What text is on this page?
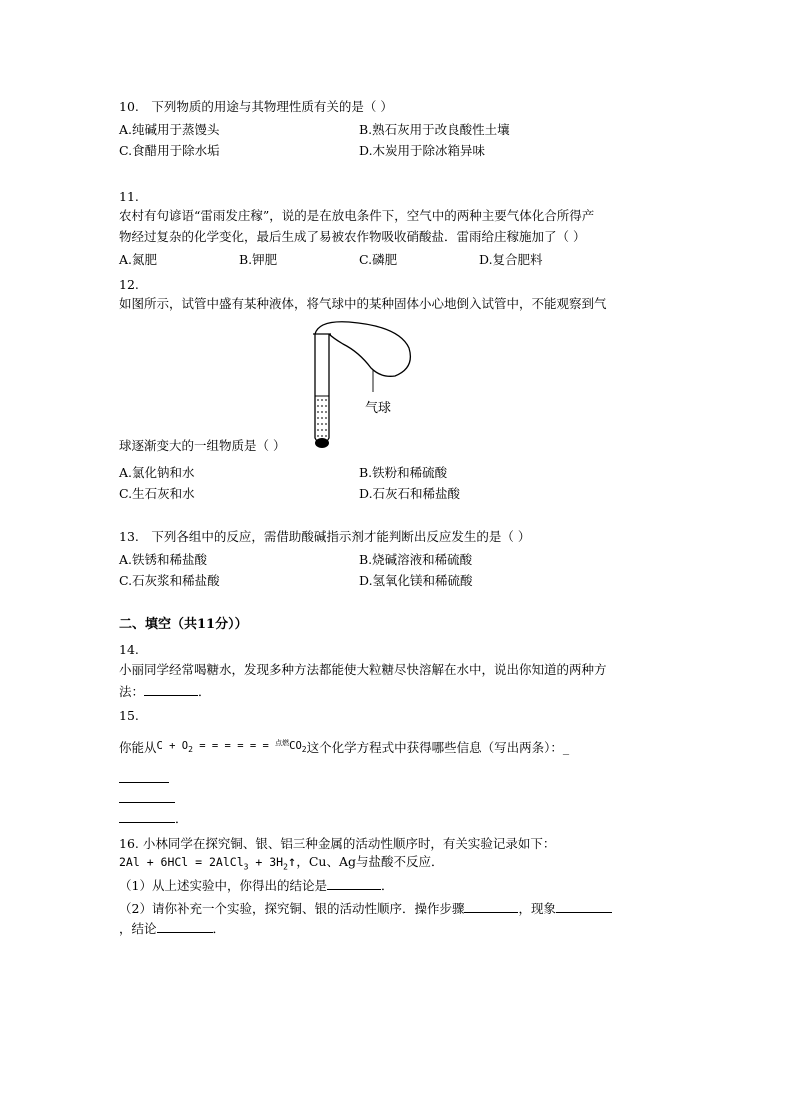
10.　下列物质的用途与其物理性质有关的是（ ）
A.纯碱用于蒸馒头	B.熟石灰用于改良酸性土壤
C.食醋用于除水垢	D.木炭用于除冰箱异味
11.
农村有句谚语“雷雨发庄稼”，说的是在放电条件下，空气中的两种主要气体化合所得产
物经过复杂的化学变化，最后生成了易被农作物吸收硝酸盐．雷雨给庄稼施加了（ ）
A.氮肥	B.钾肥	C.磷肥	D.复合肥料
12.
如图所示，试管中盛有某种液体，将气球中的某种固体小心地倒入试管中，不能观察到气
气球
球逐渐变大的一组物质是（ ）
A.氯化钠和水	B.铁粉和稀硫酸
C.生石灰和水	D.石灰石和稀盐酸
13.　下列各组中的反应，需借助酸碱指示剂才能判断出反应发生的是（ ）
A.铁锈和稀盐酸	B.烧碱溶液和稀硫酸
C.石灰浆和稀盐酸	D.氢氧化镁和稀硫酸
二、填空（共11分））
14.
小丽同学经常喝糖水，发现多种方法都能使大粒糖尽快溶解在水中，说出你知道的两种方
法：	．
15.
你能从$^{C + O_2 = = = = = = ^{点燃}CO_2}$这个化学方程式中获得哪些信息（写出两条）：_
．
16. 小林同学在探究铜、银、铝三种金属的活动性顺序时，有关实验记录如下：
2Al + 6HCl = 2AlCl$_3$ + $3H_2↑$，Cu、Ag与盐酸不反应．
（1）从上述实验中，你得出的结论是	．
（2）请你补充一个实验，探究铜、银的活动性顺序．操作步骤	，现象
，结论	．
